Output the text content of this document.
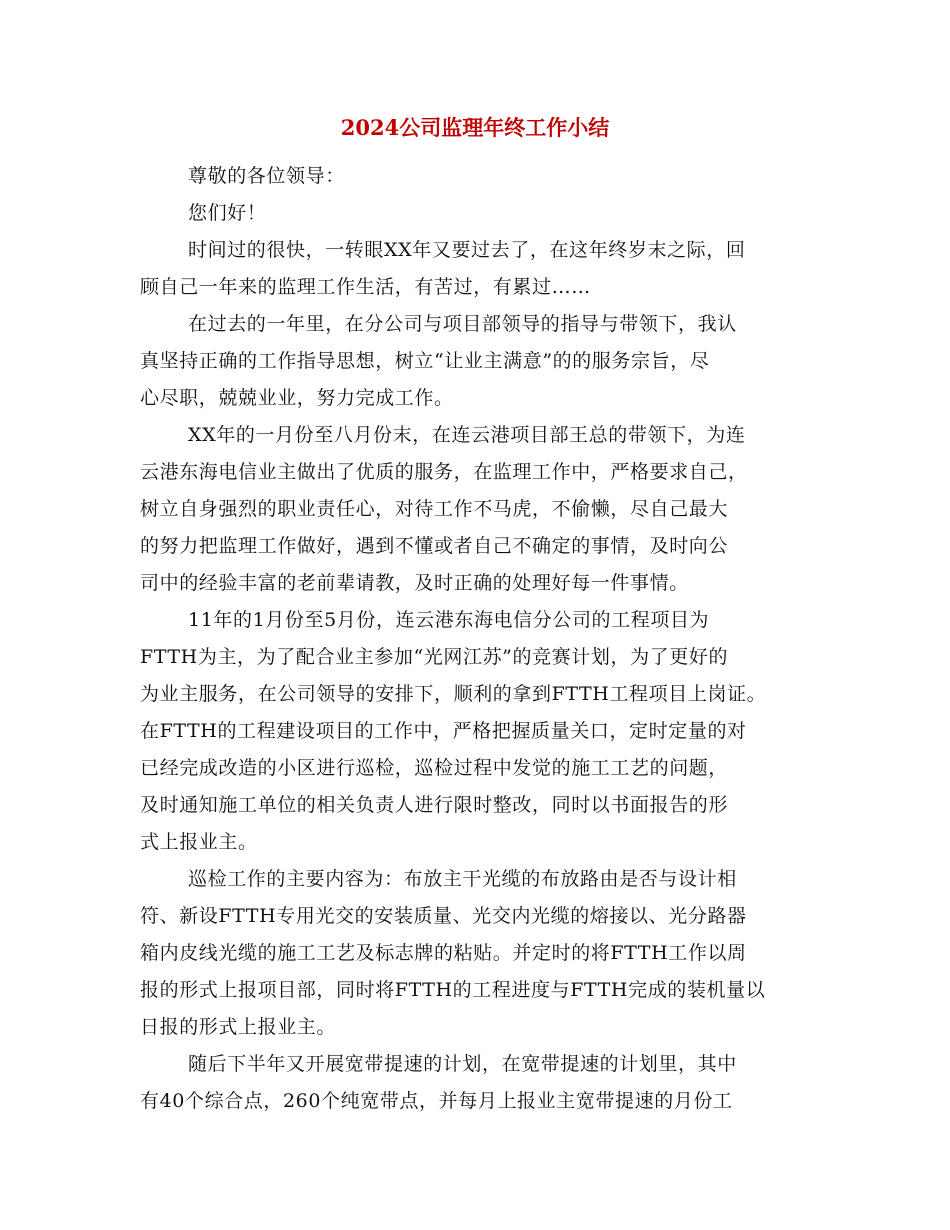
2024公司监理年终工作小结
尊敬的各位领导：
您们好！
时间过的很快，一转眼XX年又要过去了，在这年终岁末之际，回
顾自己一年来的监理工作生活，有苦过，有累过……
在过去的一年里，在分公司与项目部领导的指导与带领下，我认
真坚持正确的工作指导思想，树立“让业主满意”的的服务宗旨，尽
心尽职，兢兢业业，努力完成工作。
XX年的一月份至八月份末，在连云港项目部王总的带领下，为连
云港东海电信业主做出了优质的服务，在监理工作中，严格要求自己，
树立自身强烈的职业责任心，对待工作不马虎，不偷懒，尽自己最大
的努力把监理工作做好，遇到不懂或者自己不确定的事情，及时向公
司中的经验丰富的老前辈请教，及时正确的处理好每一件事情。
11年的1月份至5月份，连云港东海电信分公司的工程项目为
FTTH为主，为了配合业主参加“光网江苏”的竞赛计划，为了更好的
为业主服务，在公司领导的安排下，顺利的拿到FTTH工程项目上岗证。
在FTTH的工程建设项目的工作中，严格把握质量关口，定时定量的对
已经完成改造的小区进行巡检，巡检过程中发觉的施工工艺的问题，
及时通知施工单位的相关负责人进行限时整改，同时以书面报告的形
式上报业主。
巡检工作的主要内容为：布放主干光缆的布放路由是否与设计相
符、新设FTTH专用光交的安装质量、光交内光缆的熔接以、光分路器
箱内皮线光缆的施工工艺及标志牌的粘贴。并定时的将FTTH工作以周
报的形式上报项目部，同时将FTTH的工程进度与FTTH完成的装机量以
日报的形式上报业主。
随后下半年又开展宽带提速的计划，在宽带提速的计划里，其中
有40个综合点，260个纯宽带点，并每月上报业主宽带提速的月份工
